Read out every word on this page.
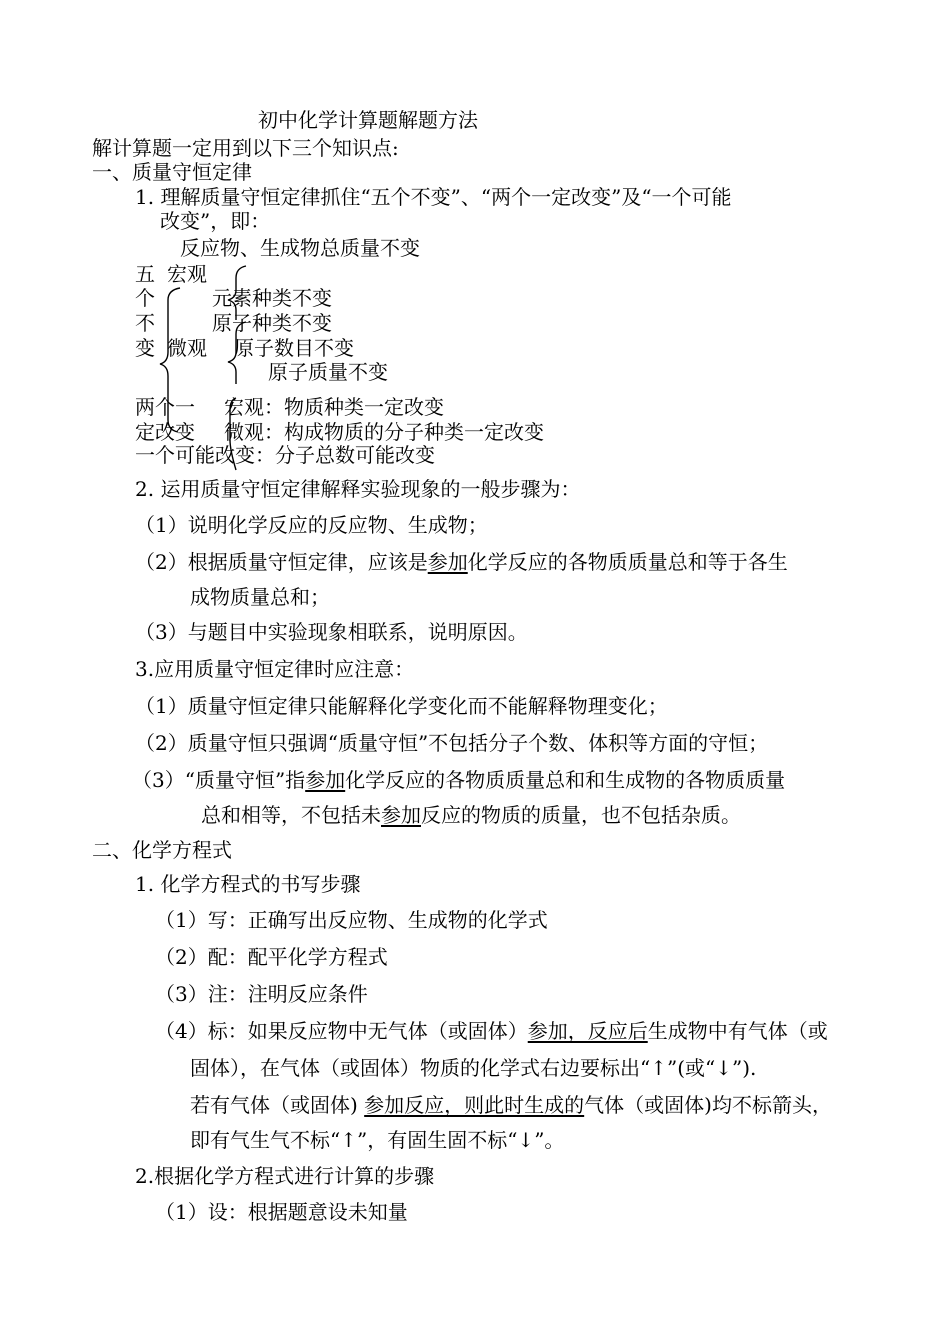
初中化学计算题解题方法
解计算题一定用到以下三个知识点:
一、质量守恒定律
1. 理解质量守恒定律抓住“五个不变”、“两个一定改变”及“一个可能
改变”，即：
反应物、生成物总质量不变
五 宏观
个	元素种类不变
不	原子种类不变
变 微观 原子数目不变
原子质量不变
两个一 宏观：物质种类一定改变
定改变 微观：构成物质的分子种类一定改变
一个可能改变：分子总数可能改变
2. 运用质量守恒定律解释实验现象的一般步骤为：
（1）说明化学反应的反应物、生成物；
（2）根据质量守恒定律，应该是参加化学反应的各物质质量总和等于各生
成物质量总和；
（3）与题目中实验现象相联系，说明原因。
3.应用质量守恒定律时应注意：
（1）质量守恒定律只能解释化学变化而不能解释物理变化；
（2）质量守恒只强调“质量守恒”不包括分子个数、体积等方面的守恒；
（3）“质量守恒”指参加化学反应的各物质质量总和和生成物的各物质质量
总和相等，不包括未参加反应的物质的质量，也不包括杂质。
二、化学方程式
1. 化学方程式的书写步骤
（1）写：正确写出反应物、生成物的化学式
（2）配：配平化学方程式
（3）注：注明反应条件
（4）标：如果反应物中无气体（或固体）参加，反应后生成物中有气体（或
固体），在气体（或固体）物质的化学式右边要标出“↑”(或“↓”).
若有气体（或固体) 参加反应，则此时生成的气体（或固体)均不标箭头，
即有气生气不标“↑”，有固生固不标“↓”。
2.根据化学方程式进行计算的步骤
（1）设：根据题意设未知量
